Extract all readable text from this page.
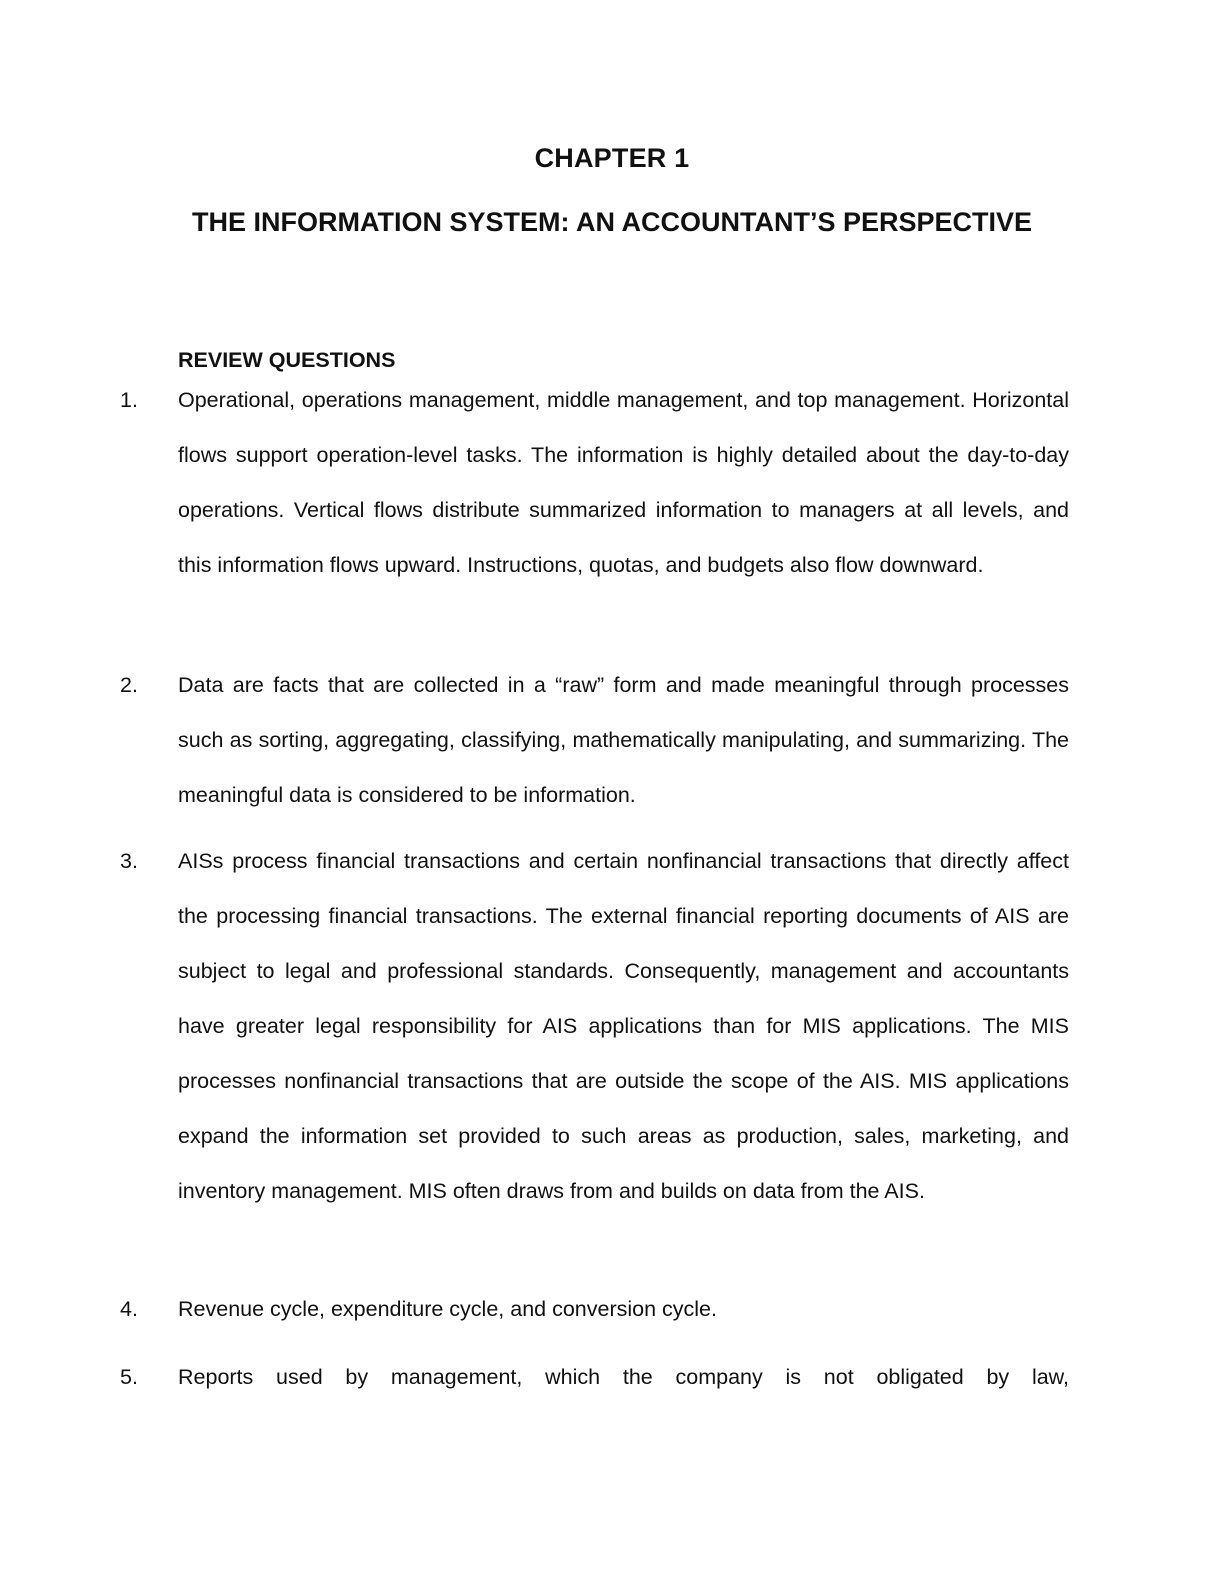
CHAPTER 1
THE INFORMATION SYSTEM: AN ACCOUNTANT’S PERSPECTIVE
REVIEW QUESTIONS
1.	Operational, operations management, middle management, and top management. Horizontal flows support operation-level tasks. The information is highly detailed about the day-to-day operations. Vertical flows distribute summarized information to managers at all levels, and this information flows upward. Instructions, quotas, and budgets also flow downward.
2.	Data are facts that are collected in a “raw” form and made meaningful through processes such as sorting, aggregating, classifying, mathematically manipulating, and summarizing. The meaningful data is considered to be information.
3.	AISs process financial transactions and certain nonfinancial transactions that directly affect the processing financial transactions. The external financial reporting documents of AIS are subject to legal and professional standards. Consequently, management and accountants have greater legal responsibility for AIS applications than for MIS applications. The MIS processes nonfinancial transactions that are outside the scope of the AIS. MIS applications expand the information set provided to such areas as production, sales, marketing, and inventory management. MIS often draws from and builds on data from the AIS.
4.	Revenue cycle, expenditure cycle, and conversion cycle.
5.	Reports used by management, which the company is not obligated by law,
